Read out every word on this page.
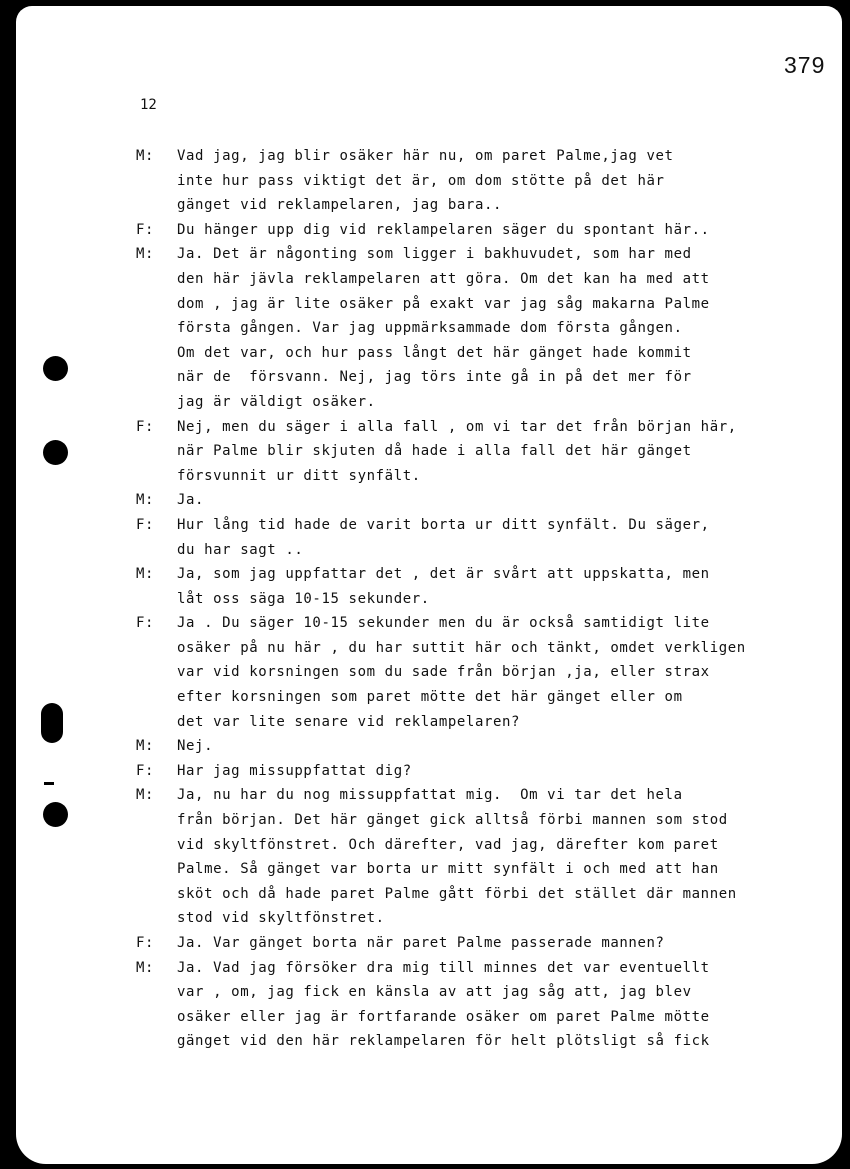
379
12
M: Vad jag, jag blir osäker här nu, om paret Palme,jag vet
inte hur pass viktigt det är, om dom stötte på det här
gänget vid reklampelaren, jag bara..
F: Du hänger upp dig vid reklampelaren säger du spontant här..
M: Ja. Det är någonting som ligger i bakhuvudet, som har med
den här jävla reklampelaren att göra. Om det kan ha med att
dom , jag är lite osäker på exakt var jag såg makarna Palme
första gången. Var jag uppmärksammade dom första gången.
Om det var, och hur pass långt det här gänget hade kommit
när de  försvann. Nej, jag törs inte gå in på det mer för
jag är väldigt osäker.
F: Nej, men du säger i alla fall , om vi tar det från början här,
när Palme blir skjuten då hade i alla fall det här gänget
försvunnit ur ditt synfält.
M: Ja.
F: Hur lång tid hade de varit borta ur ditt synfält. Du säger,
du har sagt ..
M: Ja, som jag uppfattar det , det är svårt att uppskatta, men
låt oss säga 10-15 sekunder.
F: Ja . Du säger 10-15 sekunder men du är också samtidigt lite
osäker på nu här , du har suttit här och tänkt, omdet verkligen
var vid korsningen som du sade från början ,ja, eller strax
efter korsningen som paret mötte det här gänget eller om
det var lite senare vid reklampelaren?
M: Nej.
F: Har jag missuppfattat dig?
M: Ja, nu har du nog missuppfattat mig.  Om vi tar det hela
från början. Det här gänget gick alltså förbi mannen som stod
vid skyltfönstret. Och därefter, vad jag, därefter kom paret
Palme. Så gänget var borta ur mitt synfält i och med att han
sköt och då hade paret Palme gått förbi det stället där mannen
stod vid skyltfönstret.
F: Ja. Var gänget borta när paret Palme passerade mannen?
M: Ja. Vad jag försöker dra mig till minnes det var eventuellt
var , om, jag fick en känsla av att jag såg att, jag blev
osäker eller jag är fortfarande osäker om paret Palme mötte
gänget vid den här reklampelaren för helt plötsligt så fick
